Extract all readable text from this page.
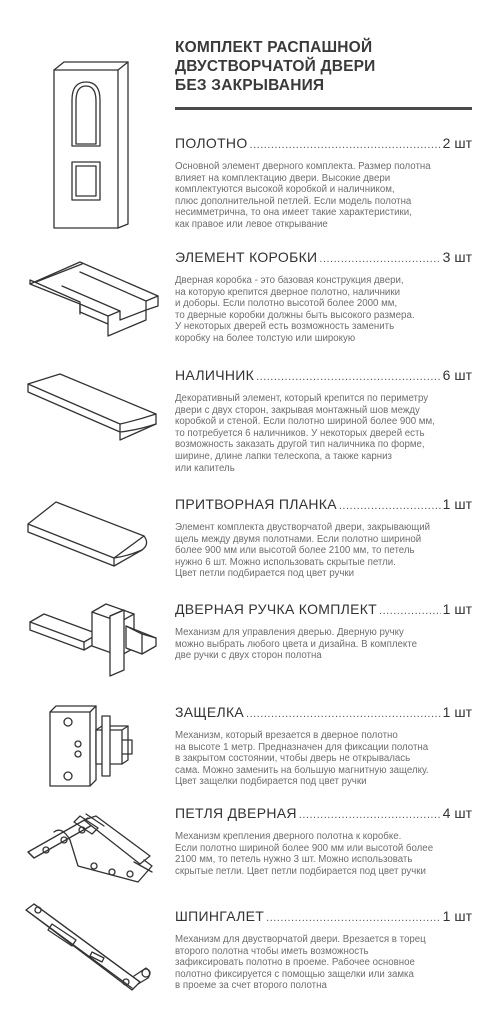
КОМПЛЕКТ РАСПАШНОЙ
ДВУСТВОРЧАТОЙ ДВЕРИ
БЕЗ ЗАКРЫВАНИЯ
ПОЛОТНО .....	2 шт
Основной элемент дверного комплекта. Размер полотна
влияет на комплектацию двери. Высокие двери
комплектуются высокой коробкой и наличником,
плюс дополнительной петлей. Если модель полотна
несимметрична, то она имеет такие характеристики,
как правое или левое открывание
ЭЛЕМЕНТ КОРОБКИ .....	3 шт
Дверная коробка - это базовая конструкция двери,
на которую крепится дверное полотно, наличники
и доборы. Если полотно высотой более 2000 мм,
то дверные коробки должны быть высокого размера.
У некоторых дверей есть возможность заменить
коробку на более толстую или широкую
НАЛИЧНИК .....	6 шт
Декоративный элемент, который крепится по периметру
двери с двух сторон, закрывая монтажный шов между
коробкой и стеной. Если полотно шириной более 900 мм,
то потребуется 6 наличников. У некоторых дверей есть
возможность заказать другой тип наличника по форме,
ширине, длине лапки телескопа, а также карниз
или капитель
ПРИТВОРНАЯ ПЛАНКА .....	1 шт
Элемент комплекта двустворчатой двери, закрывающий
щель между двумя полотнами. Если полотно шириной
более 900 мм или высотой более 2100 мм, то петель
нужно 6 шт. Можно использовать скрытые петли.
Цвет петли подбирается под цвет ручки
ДВЕРНАЯ РУЧКА КОМПЛЕКТ .....	1 шт
Механизм для управления дверью. Дверную ручку
можно выбрать любого цвета и дизайна. В комплекте
две ручки с двух сторон полотна
ЗАЩЕЛКА .....	1 шт
Механизм, который врезается в дверное полотно
на высоте 1 метр. Предназначен для фиксации полотна
в закрытом состоянии, чтобы дверь не открывалась
сама. Можно заменить на большую магнитную защелку.
Цвет защелки подбирается под цвет ручки
ПЕТЛЯ ДВЕРНАЯ .....	4 шт
Механизм крепления дверного полотна к коробке.
Если полотно шириной более 900 мм или высотой более
2100 мм, то петель нужно 3 шт. Можно использовать
скрытые петли. Цвет петли подбирается под цвет ручки
ШПИНГАЛЕТ .....	1 шт
Механизм для двустворчатой двери. Врезается в торец
второго полотна чтобы иметь возможность
зафиксировать полотно в проеме. Рабочее основное
полотно фиксируется с помощью защелки или замка
в проеме за счет второго полотна
